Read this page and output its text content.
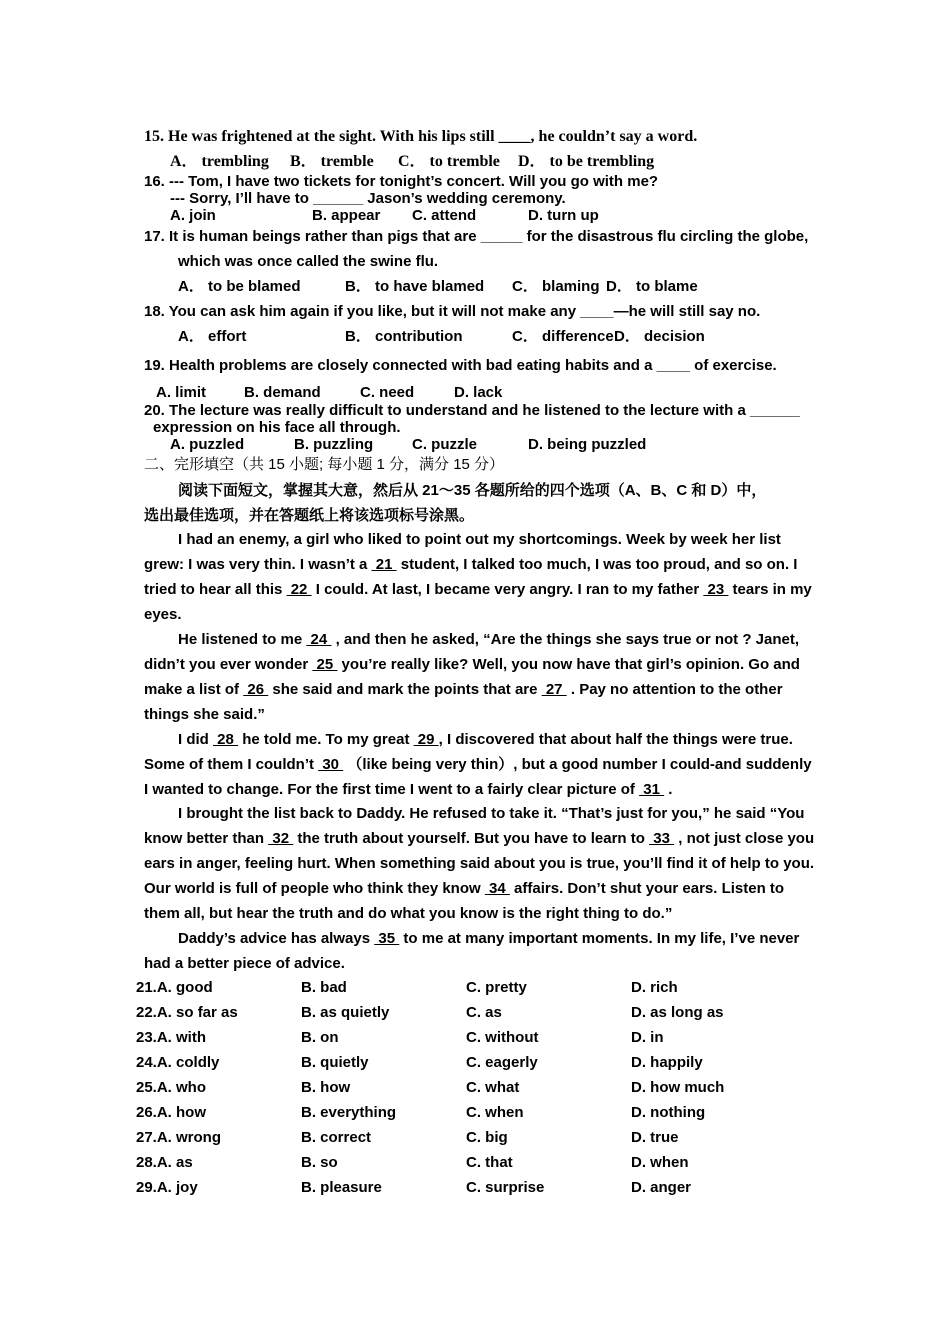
15. He was frightened at the sight. With his lips still ____, he couldn’t say a word.
A． trembling B． tremble C． to tremble D． to be trembling
16. --- Tom, I have two tickets for tonight’s concert. Will you go with me?
--- Sorry, I’ll have to ______ Jason’s wedding ceremony.
A. join	B. appear C. attend	D. turn up
17. It is human beings rather than pigs that are _____ for the disastrous flu circling the globe,
which was once called the swine flu.
A． to be blamed	B． to have blamed C． blaming D． to blame
18. You can ask him again if you like, but it will not make any ____—he will still say no.
A． effort	B． contribution	C． difference D． decision
19. Health problems are closely connected with bad eating habits and a ____ of exercise.
A. limit	B. demand	C. need	D. lack
20. The lecture was really difficult to understand and he listened to the lecture with a ______
expression on his face all through.
A. puzzled	B. puzzling	C. puzzle	D. being puzzled
二、完形填空（共 15 小题; 每小题 1 分，满分 15 分）
阅读下面短文，掌握其大意，然后从 21～35 各题所给的四个选项（A、B、C 和 D）中，
选出最佳选项，并在答题纸上将该选项标号涂黑。
I had an enemy, a girl who liked to point out my shortcomings. Week by week her list
grew: I was very thin. I wasn’t a  21  student, I talked too much, I was too proud, and so on. I
tried to hear all this  22  I could. At last, I became very angry. I ran to my father  23  tears in my
eyes.
He listened to me  24  , and then he asked, “Are the things she says true or not ? Janet,
didn’t you ever wonder  25  you’re really like? Well, you now have that girl’s opinion. Go and
make a list of  26  she said and mark the points that are  27  . Pay no attention to the other
things she said.”
I did  28  he told me. To my great  29 , I discovered that about half the things were true.
Some of them I couldn’t  30  （like being very thin）, but a good number I could-and suddenly
I wanted to change. For the first time I went to a fairly clear picture of  31  .
I brought the list back to Daddy. He refused to take it. “That’s just for you,” he said “You
know better than  32  the truth about yourself. But you have to learn to  33  , not just close you
ears in anger, feeling hurt. When something said about you is true, you’ll find it of help to you.
Our world is full of people who think they know  34  affairs. Don’t shut your ears. Listen to
them all, but hear the truth and do what you know is the right thing to do.”
Daddy’s advice has always  35  to me at many important moments. In my life, I’ve never
had a better piece of advice.
21.A. good	B. bad	C. pretty	D. rich
22.A. so far as	B. as quietly	C. as	D. as long as
23.A. with	B. on	C. without	D. in
24.A. coldly	B. quietly	C. eagerly	D. happily
25.A. who	B. how	C. what	D. how much
26.A. how	B. everything	C. when	D. nothing
27.A. wrong	B. correct	C. big	D. true
28.A. as	B. so	C. that	D. when
29.A. joy	B. pleasure	C. surprise	D. anger
